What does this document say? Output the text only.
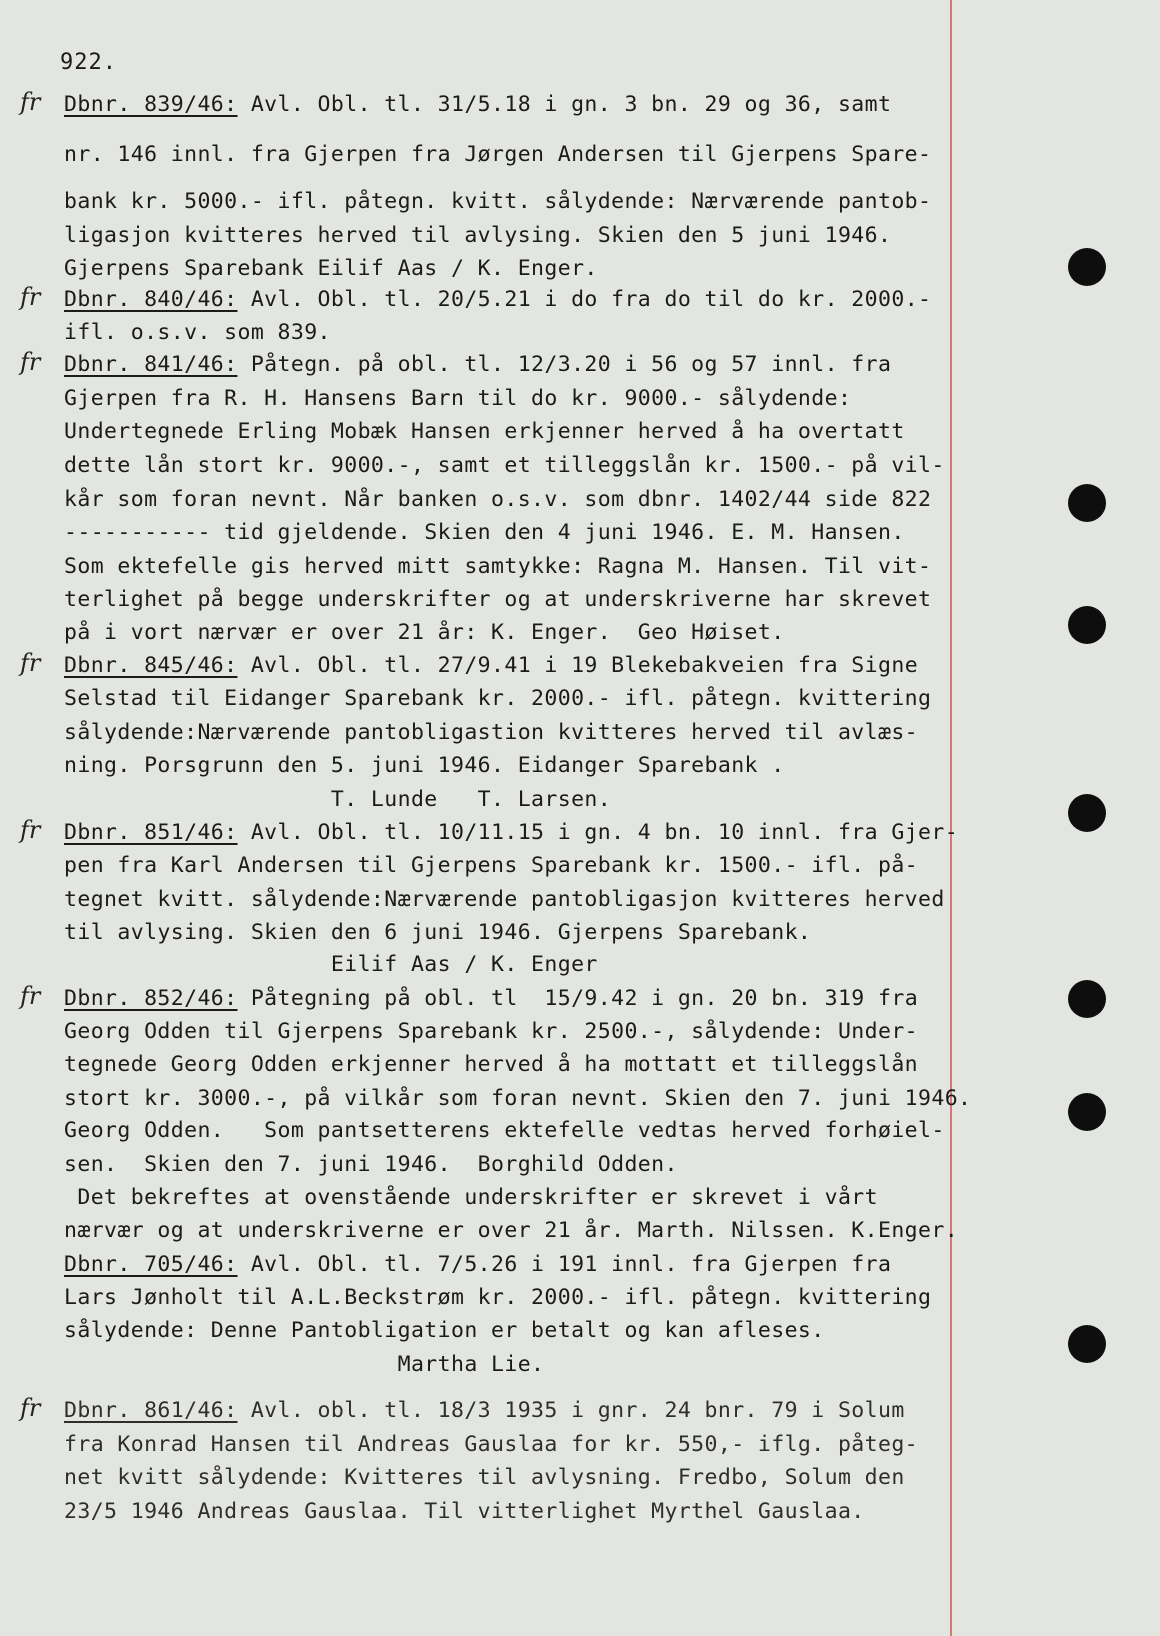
922.
fr Dbnr. 839/46: Avl. Obl. tl. 31/5.18 i gn. 3 bn. 29 og 36, samt
nr. 146 innl. fra Gjerpen fra Jørgen Andersen til Gjerpens Spare-
bank kr. 5000.- ifl. påtegn. kvitt. sålydende: Nærværende pantob-
ligasjon kvitteres herved til avlysing. Skien den 5 juni 1946.
Gjerpens Sparebank Eilif Aas / K. Enger.
fr Dbnr. 840/46: Avl. Obl. tl. 20/5.21 i do fra do til do kr. 2000.-
ifl. o.s.v. som 839.
fr Dbnr. 841/46: Påtegn. på obl. tl. 12/3.20 i 56 og 57 innl. fra
Gjerpen fra R. H. Hansens Barn til do kr. 9000.- sålydende:
Undertegnede Erling Mobæk Hansen erkjenner herved å ha overtatt
dette lån stort kr. 9000.-, samt et tilleggslån kr. 1500.- på vil-
kår som foran nevnt. Når banken o.s.v. som dbnr. 1402/44 side 822
----------- tid gjeldende. Skien den 4 juni 1946. E. M. Hansen.
Som ektefelle gis herved mitt samtykke: Ragna M. Hansen. Til vit-
terlighet på begge underskrifter og at underskriverne har skrevet
på i vort nærvær er over 21 år: K. Enger.  Geo Høiset.
fr Dbnr. 845/46: Avl. Obl. tl. 27/9.41 i 19 Blekebakveien fra Signe
Selstad til Eidanger Sparebank kr. 2000.- ifl. påtegn. kvittering
sålydende:Nærværende pantobligastion kvitteres herved til avlæs-
ning. Porsgrunn den 5. juni 1946. Eidanger Sparebank .
T. Lunde   T. Larsen.
fr Dbnr. 851/46: Avl. Obl. tl. 10/11.15 i gn. 4 bn. 10 innl. fra Gjer-
pen fra Karl Andersen til Gjerpens Sparebank kr. 1500.- ifl. på-
tegnet kvitt. sålydende:Nærværende pantobligasjon kvitteres herved
til avlysing. Skien den 6 juni 1946. Gjerpens Sparebank.
Eilif Aas / K. Enger
fr Dbnr. 852/46: Påtegning på obl. tl  15/9.42 i gn. 20 bn. 319 fra
Georg Odden til Gjerpens Sparebank kr. 2500.-, sålydende: Under-
tegnede Georg Odden erkjenner herved å ha mottatt et tilleggslån
stort kr. 3000.-, på vilkår som foran nevnt. Skien den 7. juni 1946.
Georg Odden.   Som pantsetterens ektefelle vedtas herved forhøiel-
sen.  Skien den 7. juni 1946.  Borghild Odden.
Det bekreftes at ovenstående underskrifter er skrevet i vårt
nærvær og at underskriverne er over 21 år. Marth. Nilssen. K.Enger.
Dbnr. 705/46: Avl. Obl. tl. 7/5.26 i 191 innl. fra Gjerpen fra
Lars Jønholt til A.L.Beckstrøm kr. 2000.- ifl. påtegn. kvittering
sålydende: Denne Pantobligation er betalt og kan afleses.
Martha Lie.
fr Dbnr. 861/46: Avl. obl. tl. 18/3 1935 i gnr. 24 bnr. 79 i Solum
fra Konrad Hansen til Andreas Gauslaa for kr. 550,- iflg. påteg-
net kvitt sålydende: Kvitteres til avlysning. Fredbo, Solum den
23/5 1946 Andreas Gauslaa. Til vitterlighet Myrthel Gauslaa.
